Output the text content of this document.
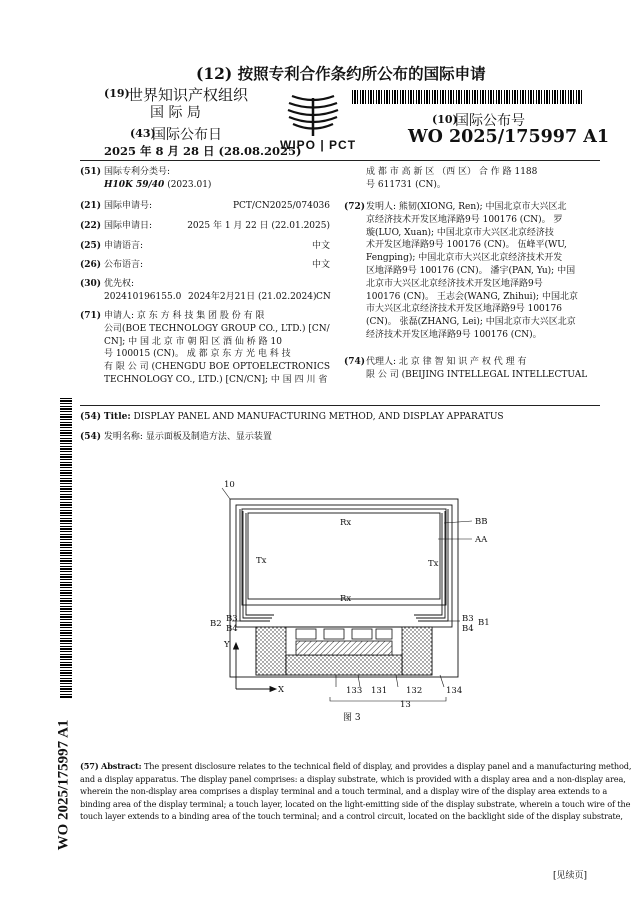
(12) 按照专利合作条约所公布的国际申请
(19)
世界知识产权组织
国 际 局
(43)
国际公布日
2025 年 8 月 28 日 (28.08.2025)
WIPO | PCT
(10)
国际公布号
WO 2025/175997 A1
(51) 国际专利分类号:
H10K 59/40 (2023.01)
(21) 国际申请号:	PCT/CN2025/074036
(22) 国际申请日:	2025 年 1 月 22 日 (22.01.2025)
(25) 申请语言:	中文
(26) 公布语言:	中文
(30) 优先权:
202410196155.0 2024年2月21日 (21.02.2024) CN
(71) 申请人: 京 东 方 科 技 集 团 股 份 有 限
公司(BOE TECHNOLOGY GROUP CO., LTD.) [CN/
CN]; 中 国 北 京 市 朝 阳 区 酒 仙 桥 路 10
号 100015 (CN)。 成 都 京 东 方 光 电 科 技
有 限 公 司 (CHENGDU BOE OPTOELECTRONICS
TECHNOLOGY CO., LTD.) [CN/CN]; 中 国 四 川 省
成 都 市 高 新 区 （西 区） 合 作 路 1188
号 611731 (CN)。
(72) 发明人: 熊韧(XIONG, Ren); 中国北京市大兴区北
京经济技术开发区地泽路9号 100176 (CN)。 罗
璇(LUO, Xuan); 中国北京市大兴区北京经济技
术开发区地泽路9号 100176 (CN)。 伍峰平(WU,
Fengping); 中国北京市大兴区北京经济技术开发
区地泽路9号 100176 (CN)。 潘宇(PAN, Yu); 中国
北京市大兴区北京经济技术开发区地泽路9号
100176 (CN)。 王志会(WANG, Zhihui); 中国北京
市大兴区北京经济技术开发区地泽路9号 100176
(CN)。 张磊(ZHANG, Lei); 中国北京市大兴区北京
经济技术开发区地泽路9号 100176 (CN)。
(74) 代理人: 北 京 律 智 知 识 产 权 代 理 有
限 公 司 (BEIJING INTELLEGAL INTELLECTUAL
(54) Title: DISPLAY PANEL AND MANUFACTURING METHOD, AND DISPLAY APPARATUS
(54) 发明名称: 显示面板及制造方法、显示装置
10
Rx
Rx
Tx	Tx
BB
AA
B2 B3
B4
B3
B4
B1
Y
X	133 131 132	134
13
图 3
(57) Abstract: The present disclosure relates to the technical field of display, and provides a display panel and a manufacturing method,
and a display apparatus. The display panel comprises: a display substrate, which is provided with a display area and a non-display area,
wherein the non-display area comprises a display terminal and a touch terminal, and a display wire of the display area extends to a
binding area of the display terminal; a touch layer, located on the light-emitting side of the display substrate, wherein a touch wire of the
touch layer extends to a binding area of the touch terminal; and a control circuit, located on the backlight side of the display substrate,
WO 2025/175997 A1
[见续页]
